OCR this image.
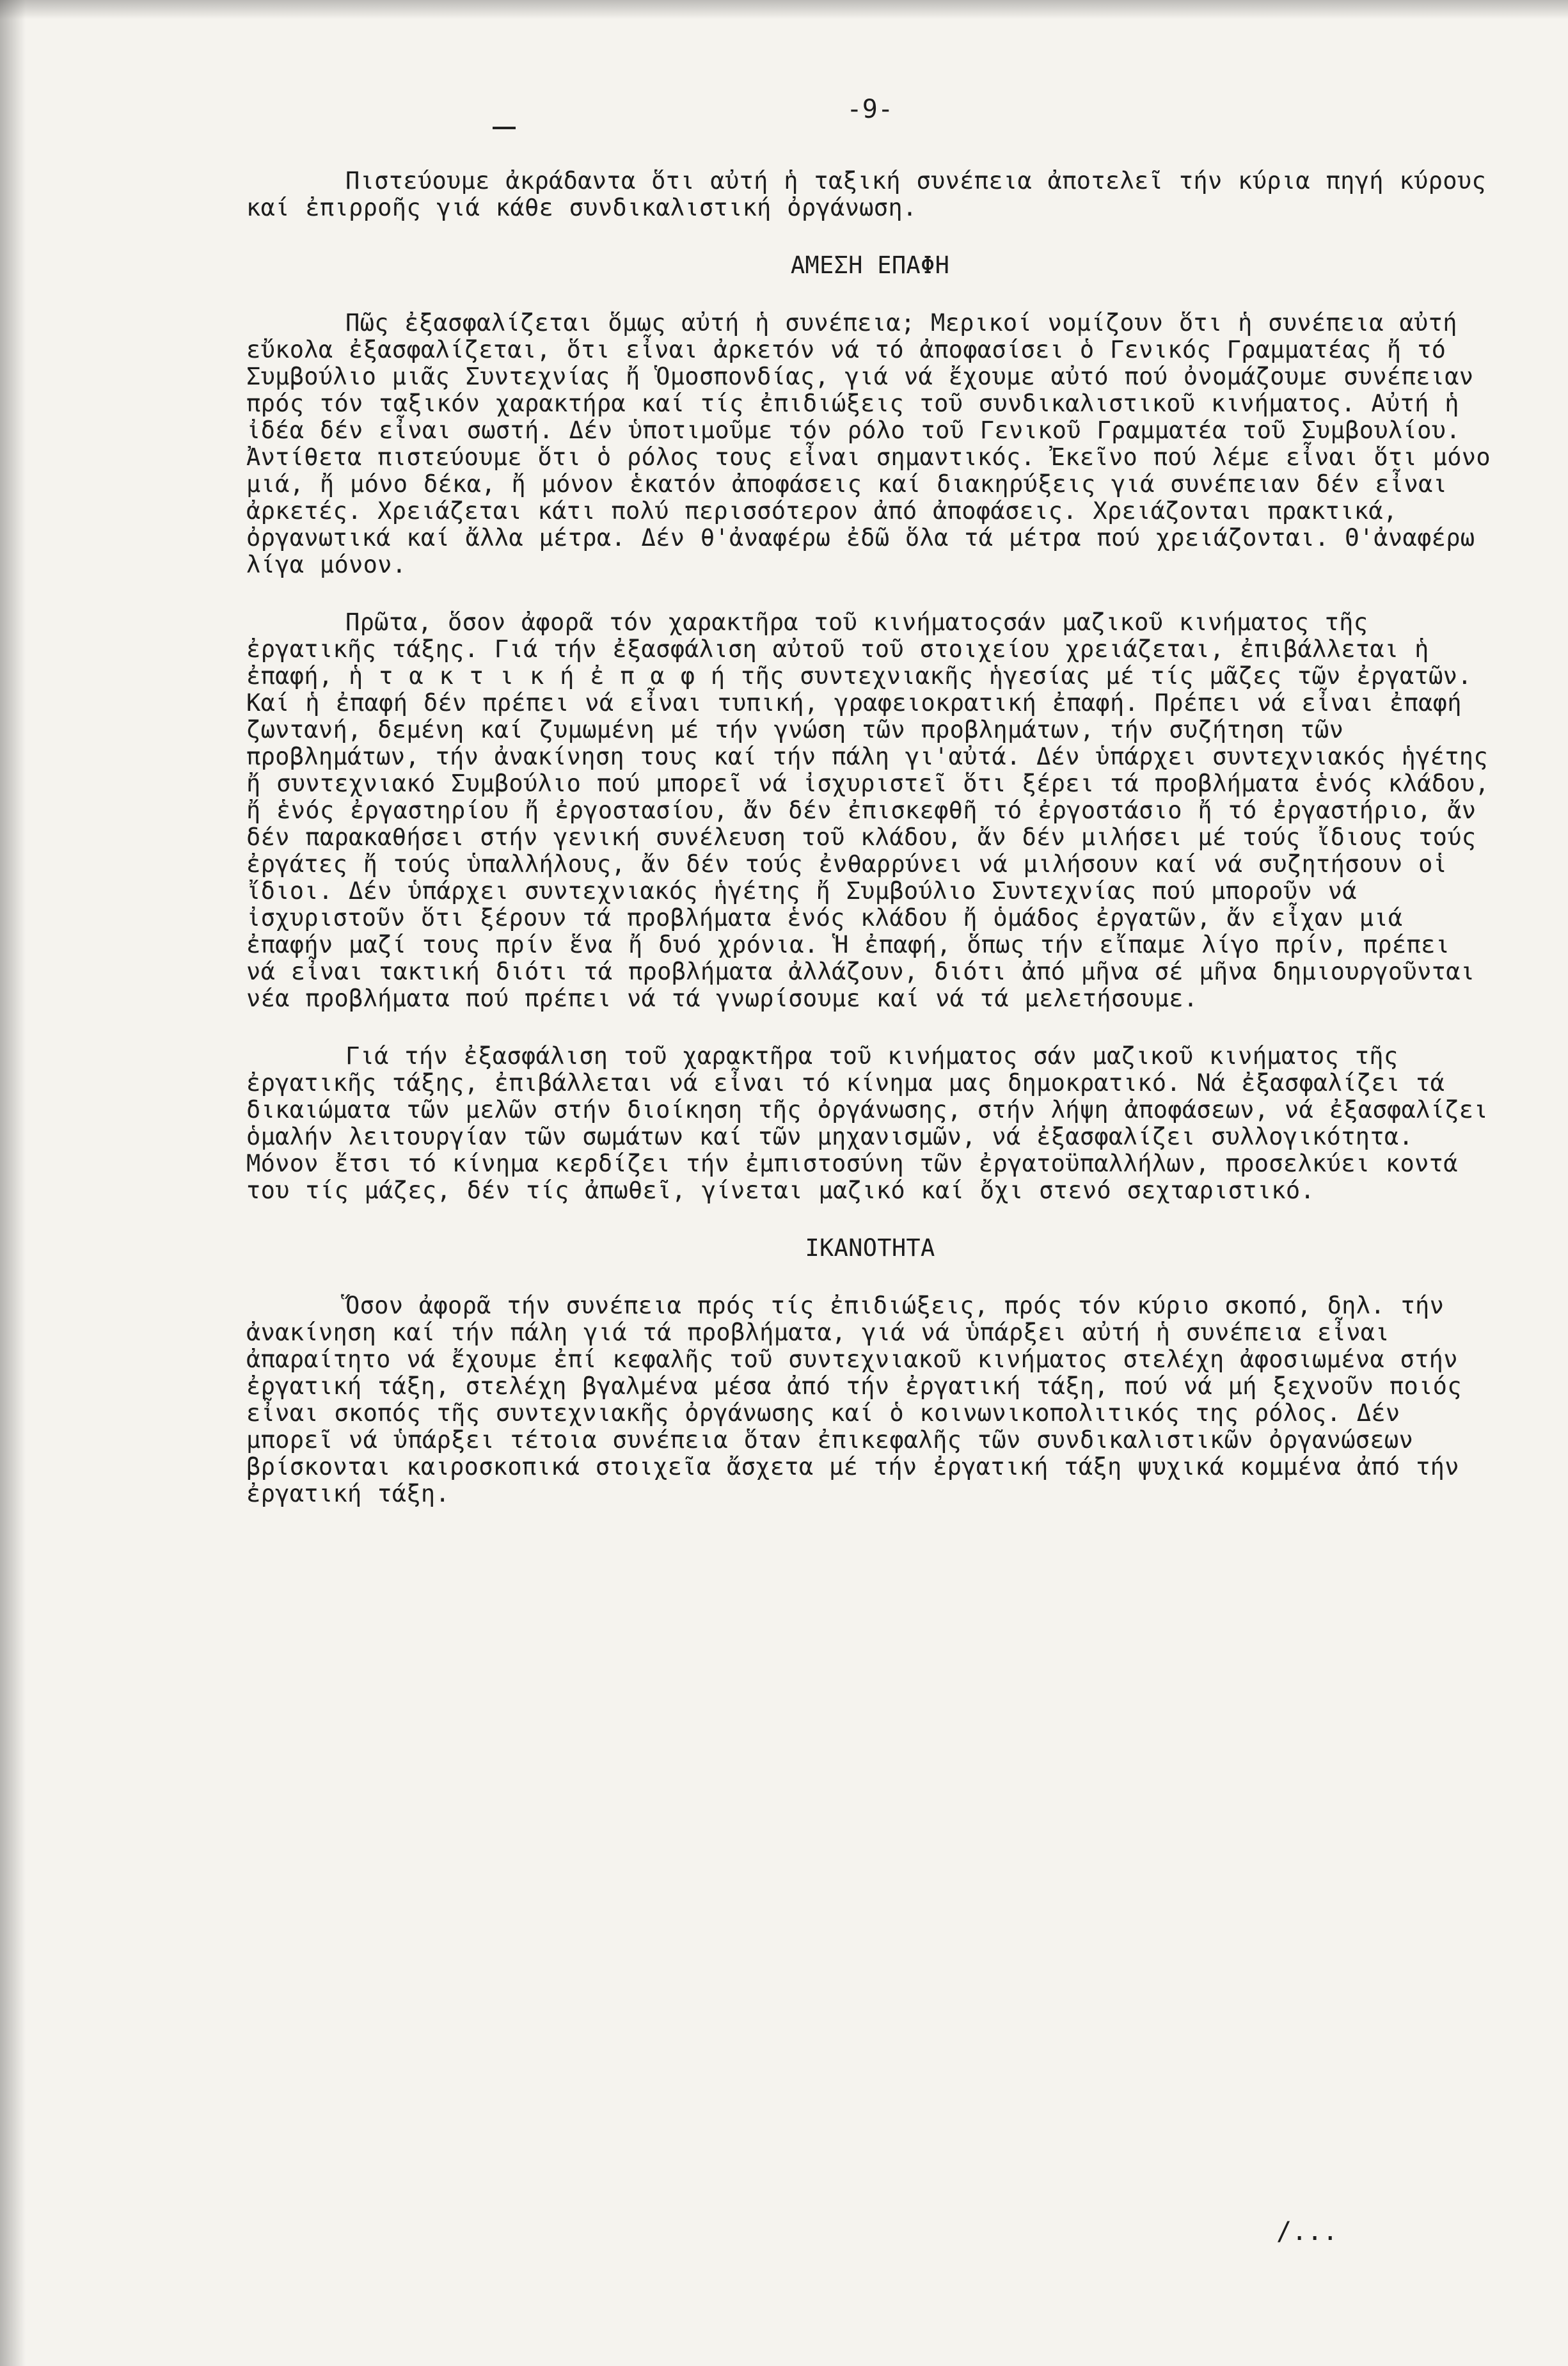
-9-

Πιστεύουμε ἀκράδαντα ὅτι αὐτή ἡ ταξική συνέπεια ἀποτελεῖ τήν κύρια πηγή κύρους καί ἐπιρροῆς γιά κάθε συνδικαλιστική ὀργάνωση.

ΑΜΕΣΗ ΕΠΑΦΗ

Πῶς ἐξασφαλίζεται ὅμως αὐτή ἡ συνέπεια; Μερικοί νομίζουν ὅτι ἡ συνέπεια αὐτή εὔκολα ἐξασφαλίζεται, ὅτι εἶναι ἀρκετόν νά τό ἀποφασίσει ὁ Γενικός Γραμματέας ἤ τό Συμβούλιο μιᾶς Συντεχνίας ἤ Ὁμοσπονδίας, γιά νά ἔχουμε αὐτό πού ὀνομάζουμε συνέπειαν πρός τόν ταξικόν χαρακτήρα καί τίς ἐπιδιώξεις τοῦ συνδικαλιστικοῦ κινήματος. Αὐτή ἡ ἰδέα δέν εἶναι σωστή. Δέν ὑποτιμοῦμε τόν ρόλο τοῦ Γενικοῦ Γραμματέα τοῦ Συμβουλίου. Ἀντίθετα πιστεύουμε ὅτι ὁ ρόλος τους εἶναι σημαντικός. Ἐκεῖνο πού λέμε εἶναι ὅτι μόνο μιά, ἤ μόνο δέκα, ἤ μόνον ἑκατόν ἀποφάσεις καί διακηρύξεις γιά συνέπειαν δέν εἶναι ἀρκετές. Χρειάζεται κάτι πολύ περισσότερον ἀπό ἀποφάσεις. Χρειάζονται πρακτικά, ὀργανωτικά καί ἄλλα μέτρα. Δέν θ'ἀναφέρω ἐδῶ ὅλα τά μέτρα πού χρειάζονται. Θ'ἀναφέρω λίγα μόνον.

Πρῶτα, ὅσον ἀφορᾶ τόν χαρακτῆρα τοῦ κινήματοςσάν μαζικοῦ κινήματος τῆς ἐργατικῆς τάξης. Γιά τήν ἐξασφάλιση αὐτοῦ τοῦ στοιχείου χρειάζεται, ἐπιβάλλεται ἡ ἐπαφή, ἡ τ α κ τ ι κ ή ἐ π α φ ή τῆς συντεχνιακῆς ἡγεσίας μέ τίς μᾶζες τῶν ἐργατῶν. Καί ἡ ἐπαφή δέν πρέπει νά εἶναι τυπική, γραφειοκρατική ἐπαφή. Πρέπει νά εἶναι ἐπαφή ζωντανή, δεμένη καί ζυμωμένη μέ τήν γνώση τῶν προβλημάτων, τήν συζήτηση τῶν προβλημάτων, τήν ἀνακίνηση τους καί τήν πάλη γι'αὐτά. Δέν ὑπάρχει συντεχνιακός ἡγέτης ἤ συντεχνιακό Συμβούλιο πού μπορεῖ νά ἰσχυριστεῖ ὅτι ξέρει τά προβλήματα ἑνός κλάδου, ἤ ἑνός ἐργαστηρίου ἤ ἐργοστασίου, ἄν δέν ἐπισκεφθῆ τό ἐργοστάσιο ἤ τό ἐργαστήριο, ἄν δέν παρακαθήσει στήν γενική συνέλευση τοῦ κλάδου, ἄν δέν μιλήσει μέ τούς ἴδιους τούς ἐργάτες ἤ τούς ὑπαλλήλους, ἄν δέν τούς ἐνθαρρύνει νά μιλήσουν καί νά συζητήσουν οἱ ἴδιοι. Δέν ὑπάρχει συντεχνιακός ἡγέτης ἤ Συμβούλιο Συντεχνίας πού μποροῦν νά ἰσχυριστοῦν ὅτι ξέρουν τά προβλήματα ἑνός κλάδου ἤ ὁμάδος ἐργατῶν, ἄν εἶχαν μιά ἐπαφήν μαζί τους πρίν ἕνα ἤ δυό χρόνια. Ἡ ἐπαφή, ὅπως τήν εἴπαμε λίγο πρίν, πρέπει νά εἶναι τακτική διότι τά προβλήματα ἀλλάζουν, διότι ἀπό μῆνα σέ μῆνα δημιουργοῦνται νέα προβλήματα πού πρέπει νά τά γνωρίσουμε καί νά τά μελετήσουμε.

Γιά τήν ἐξασφάλιση τοῦ χαρακτῆρα τοῦ κινήματος σάν μαζικοῦ κινήματος τῆς ἐργατικῆς τάξης, ἐπιβάλλεται νά εἶναι τό κίνημα μας δημοκρατικό. Νά ἐξασφαλίζει τά δικαιώματα τῶν μελῶν στήν διοίκηση τῆς ὀργάνωσης, στήν λήψη ἀποφάσεων, νά ἐξασφαλίζει ὁμαλήν λειτουργίαν τῶν σωμάτων καί τῶν μηχανισμῶν, νά ἐξασφαλίζει συλλογικότητα. Μόνον ἔτσι τό κίνημα κερδίζει τήν ἐμπιστοσύνη τῶν ἐργατοϋπαλλήλων, προσελκύει κοντά του τίς μάζες, δέν τίς ἀπωθεῖ, γίνεται μαζικό καί ὄχι στενό σεχταριστικό.

ΙΚΑΝΟΤΗΤΑ

Ὅσον ἀφορᾶ τήν συνέπεια πρός τίς ἐπιδιώξεις, πρός τόν κύριο σκοπό, δηλ. τήν ἀνακίνηση καί τήν πάλη γιά τά προβλήματα, γιά νά ὑπάρξει αὐτή ἡ συνέπεια εἶναι ἀπαραίτητο νά ἔχουμε ἐπί κεφαλῆς τοῦ συντεχνιακοῦ κινήματος στελέχη ἀφοσιωμένα στήν ἐργατική τάξη, στελέχη βγαλμένα μέσα ἀπό τήν ἐργατική τάξη, πού νά μή ξεχνοῦν ποιός εἶναι σκοπός τῆς συντεχνιακῆς ὀργάνωσης καί ὁ κοινωνικοπολιτικός της ρόλος. Δέν μπορεῖ νά ὑπάρξει τέτοια συνέπεια ὅταν ἐπικεφαλῆς τῶν συνδικαλιστικῶν ὀργανώσεων βρίσκονται καιροσκοπικά στοιχεῖα ἄσχετα μέ τήν ἐργατική τάξη ψυχικά κομμένα ἀπό τήν ἐργατική τάξη.

/...
